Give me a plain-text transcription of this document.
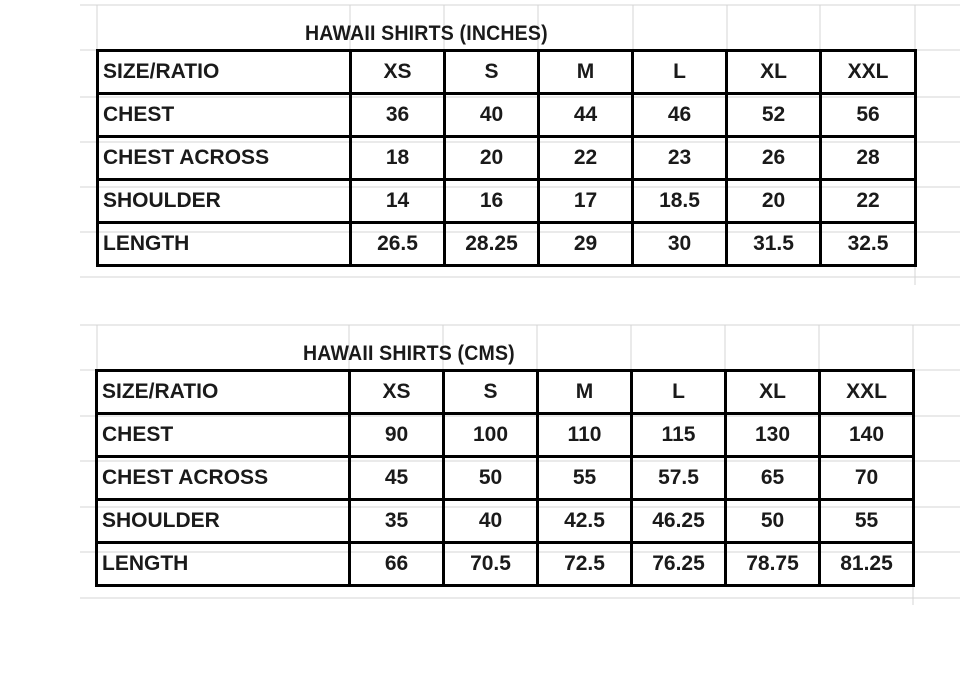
HAWAII SHIRTS (INCHES)
SIZE/RATIO	XS	S	M	L	XL	XXL
CHEST	36	40	44	46	52	56
CHEST ACROSS	18	20	22	23	26	28
SHOULDER	14	16	17	18.5	20	22
LENGTH	26.5	28.25	29	30	31.5	32.5
HAWAII SHIRTS (CMS)
SIZE/RATIO	XS	S	M	L	XL	XXL
CHEST	90	100	110	115	130	140
CHEST ACROSS	45	50	55	57.5	65	70
SHOULDER	35	40	42.5	46.25	50	55
LENGTH	66	70.5	72.5	76.25	78.75	81.25
